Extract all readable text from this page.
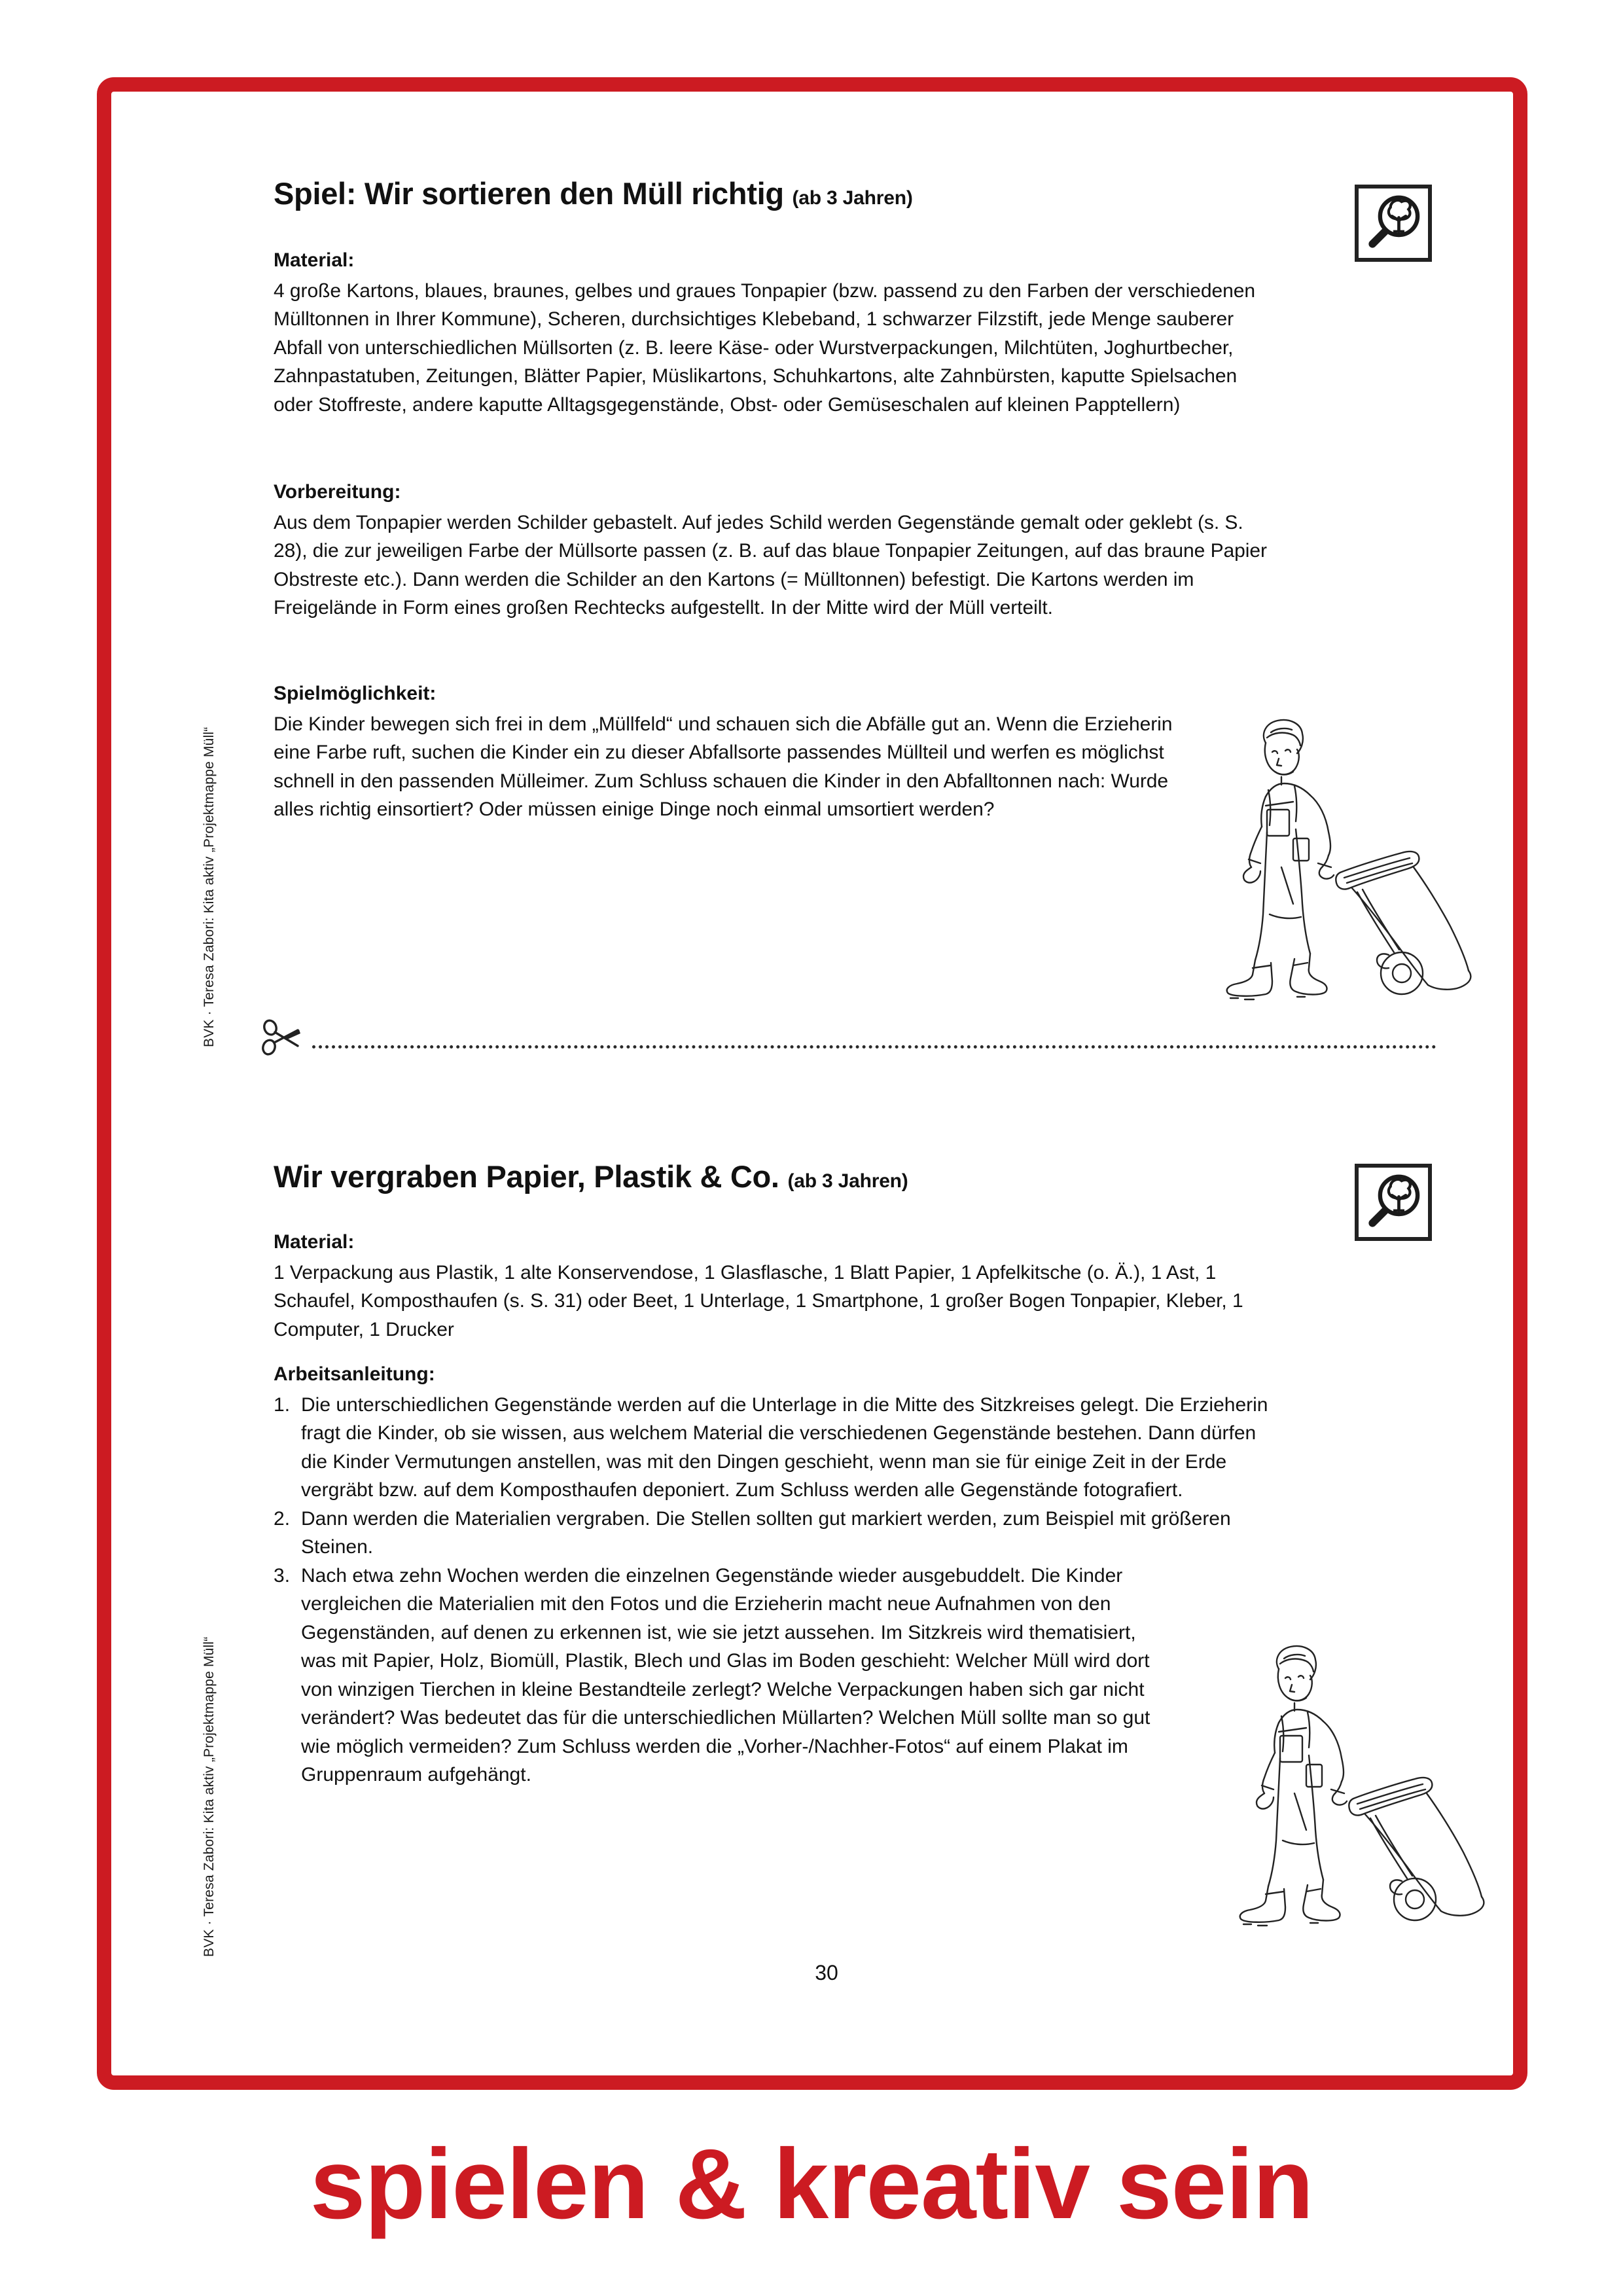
BVK · Teresa Zabori: Kita aktiv „Projektmappe Müll“
BVK · Teresa Zabori: Kita aktiv „Projektmappe Müll“
Spiel: Wir sortieren den Müll richtig (ab 3 Jahren)
Material:

4 große Kartons, blaues, braunes, gelbes und graues Tonpapier (bzw. passend zu den Farben der verschiedenen Mülltonnen in Ihrer Kommune), Scheren, durchsichtiges Klebeband, 1 schwarzer Filzstift, jede Menge sauberer Abfall von unterschiedlichen Müllsorten (z. B. leere Käse- oder Wurstverpackungen, Milchtüten, Joghurtbecher, Zahnpastatuben, Zeitungen, Blätter Papier, Müslikartons, Schuhkartons, alte Zahnbürsten, kaputte Spielsachen oder Stoffreste, andere kaputte Alltagsgegenstände, Obst- oder Gemüseschalen auf kleinen Papptellern)

Vorbereitung:

Aus dem Tonpapier werden Schilder gebastelt. Auf jedes Schild werden Gegenstände gemalt oder geklebt (s. S. 28), die zur jeweiligen Farbe der Müllsorte passen (z. B. auf das blaue Tonpapier Zeitungen, auf das braune Papier Obstreste etc.). Dann werden die Schilder an den Kartons (= Mülltonnen) befestigt. Die Kartons werden im Freigelände in Form eines großen Rechtecks aufgestellt. In der Mitte wird der Müll verteilt.

Spielmöglichkeit:

Die Kinder bewegen sich frei in dem „Müllfeld“ und schauen sich die Abfälle gut an. Wenn die Erzieherin eine Farbe ruft, suchen die Kinder ein zu dieser Abfallsorte passendes Müllteil und werfen es möglichst schnell in den passenden Mülleimer. Zum Schluss schauen die Kinder in den Abfalltonnen nach: Wurde alles richtig einsortiert? Oder müssen einige Dinge noch einmal umsortiert werden?

Wir vergraben Papier, Plastik & Co. (ab 3 Jahren)
Material:

1 Verpackung aus Plastik, 1 alte Konservendose, 1 Glasflasche, 1 Blatt Papier, 1 Apfelkitsche (o. Ä.), 1 Ast, 1 Schaufel, Komposthaufen (s. S. 31) oder Beet, 1 Unterlage, 1 Smartphone, 1 großer Bogen Tonpapier, Kleber, 1 Computer, 1 Drucker

Arbeitsanleitung:
Die unterschiedlichen Gegenstände werden auf die Unterlage in die Mitte des Sitzkreises gelegt. Die Erzieherin fragt die Kinder, ob sie wissen, aus welchem Material die verschiedenen Gegenstände bestehen. Dann dürfen die Kinder Vermutungen anstellen, was mit den Dingen geschieht, wenn man sie für einige Zeit in der Erde vergräbt bzw. auf dem Komposthaufen deponiert. Zum Schluss werden alle Gegenstände fotografiert.
Dann werden die Materialien vergraben. Die Stellen sollten gut markiert werden, zum Beispiel mit größeren Steinen.
Nach etwa zehn Wochen werden die einzelnen Gegenstände wieder ausgebuddelt. Die Kinder vergleichen die Materialien mit den Fotos und die Erzieherin macht neue Aufnahmen von den Gegenständen, auf denen zu erkennen ist, wie sie jetzt aussehen. Im Sitzkreis wird thematisiert, was mit Papier, Holz, Biomüll, Plastik, Blech und Glas im Boden geschieht: Welcher Müll wird dort von winzigen Tierchen in kleine Bestandteile zerlegt? Welche Verpackungen haben sich gar nicht verändert? Was bedeutet das für die unterschiedlichen Müllarten? Welchen Müll sollte man so gut wie möglich vermeiden? Zum Schluss werden die „Vorher-/Nachher-Fotos“ auf einem Plakat im Gruppenraum aufgehängt.
30
spielen & kreativ sein
